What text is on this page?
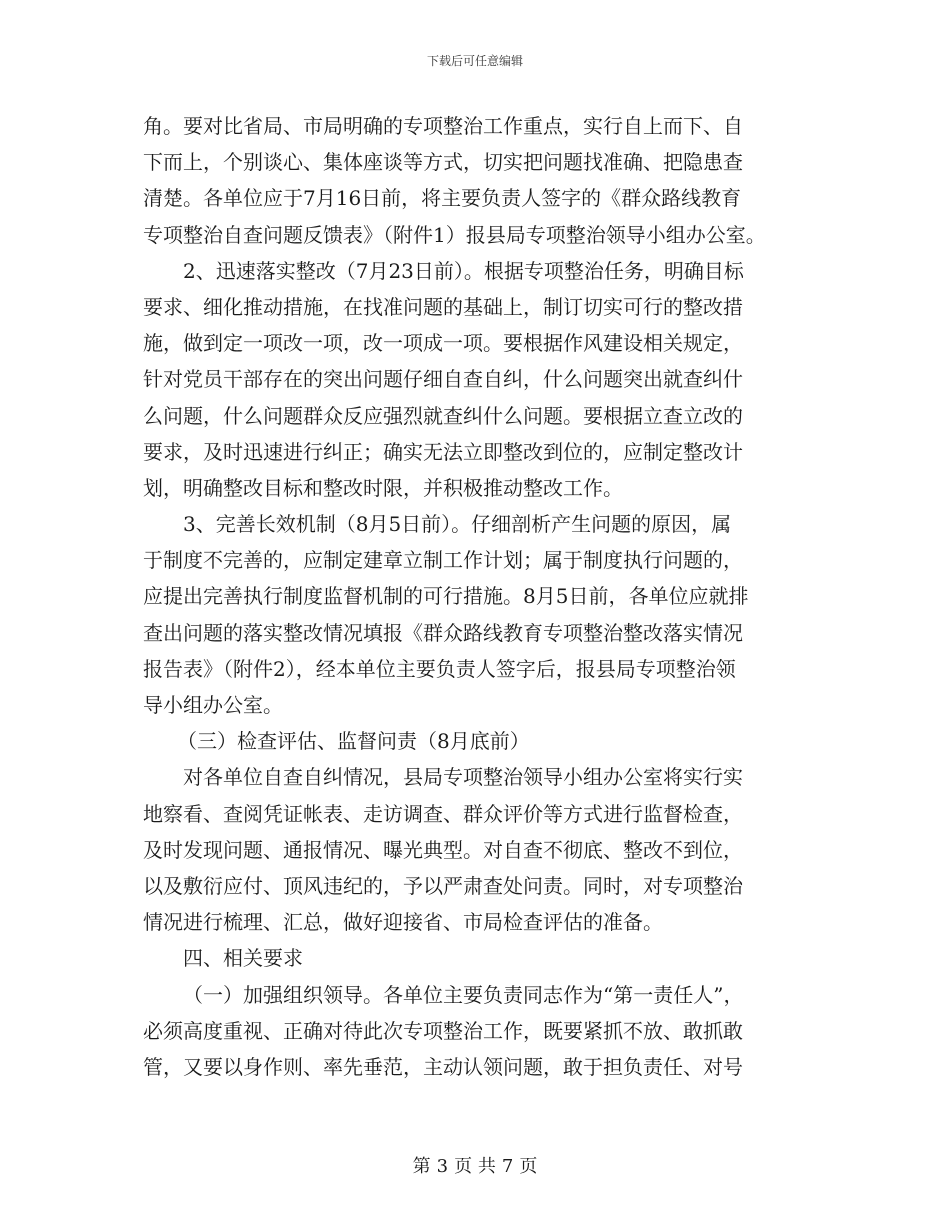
下载后可任意编辑
角。要对比省局、市局明确的专项整治工作重点，实行自上而下、自
下而上，个别谈心、集体座谈等方式，切实把问题找准确、把隐患查
清楚。各单位应于7月16日前，将主要负责人签字的《群众路线教育
专项整治自查问题反馈表》（附件1）报县局专项整治领导小组办公室。
2、迅速落实整改（7月23日前）。根据专项整治任务，明确目标
要求、细化推动措施，在找准问题的基础上，制订切实可行的整改措
施，做到定一项改一项，改一项成一项。要根据作风建设相关规定，
针对党员干部存在的突出问题仔细自查自纠，什么问题突出就查纠什
么问题，什么问题群众反应强烈就查纠什么问题。要根据立查立改的
要求，及时迅速进行纠正；确实无法立即整改到位的，应制定整改计
划，明确整改目标和整改时限，并积极推动整改工作。
3、完善长效机制（8月5日前）。仔细剖析产生问题的原因，属
于制度不完善的，应制定建章立制工作计划；属于制度执行问题的，
应提出完善执行制度监督机制的可行措施。8月5日前，各单位应就排
查出问题的落实整改情况填报《群众路线教育专项整治整改落实情况
报告表》（附件2），经本单位主要负责人签字后，报县局专项整治领
导小组办公室。
（三）检查评估、监督问责（8月底前）
对各单位自查自纠情况，县局专项整治领导小组办公室将实行实
地察看、查阅凭证帐表、走访调查、群众评价等方式进行监督检查，
及时发现问题、通报情况、曝光典型。对自查不彻底、整改不到位，
以及敷衍应付、顶风违纪的，予以严肃查处问责。同时，对专项整治
情况进行梳理、汇总，做好迎接省、市局检查评估的准备。
四、相关要求
（一）加强组织领导。各单位主要负责同志作为“第一责任人”，
必须高度重视、正确对待此次专项整治工作，既要紧抓不放、敢抓敢
管，又要以身作则、率先垂范，主动认领问题，敢于担负责任、对号
第 3 页 共 7 页
